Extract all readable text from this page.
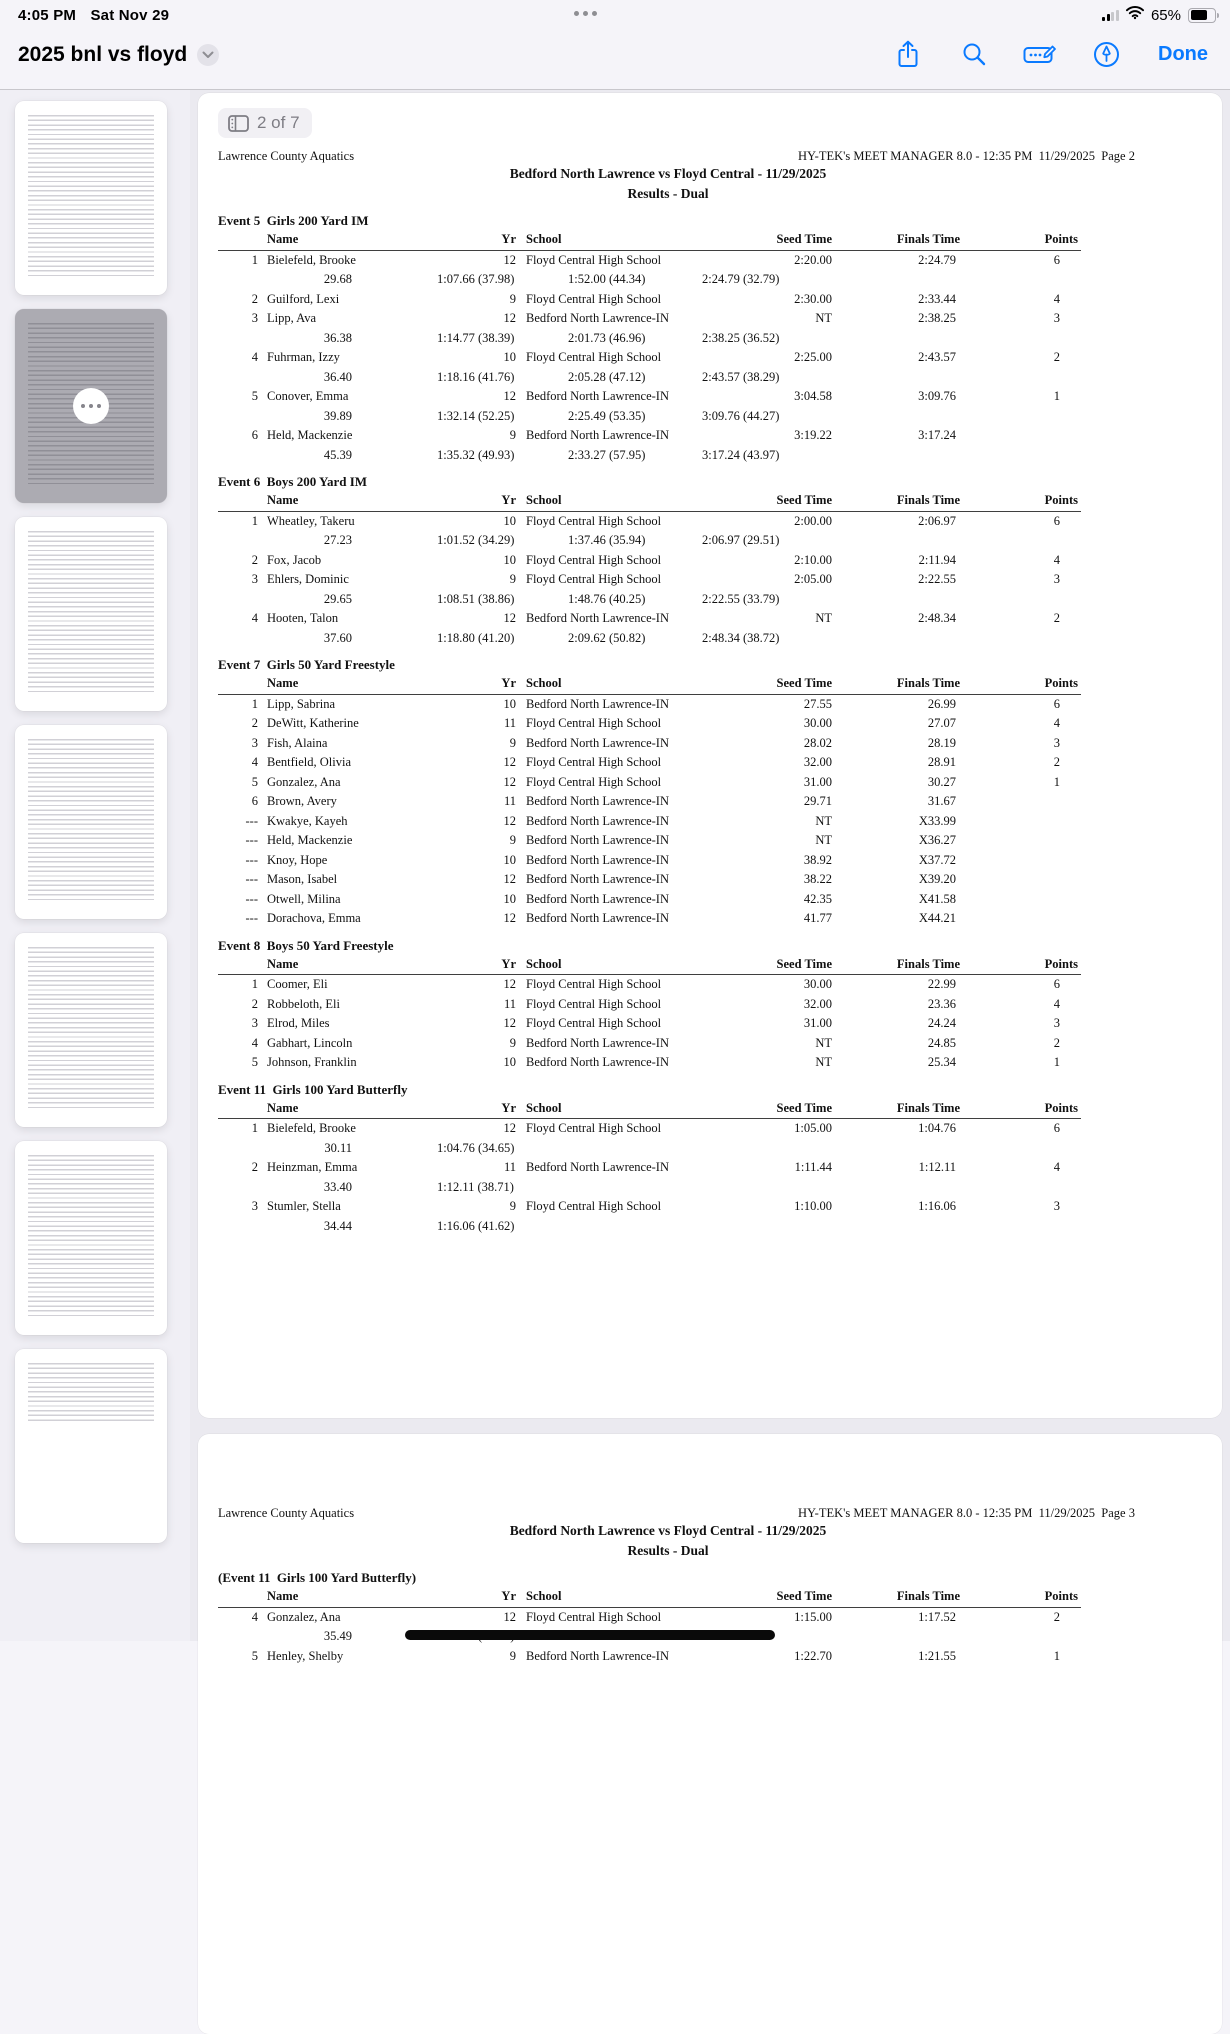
4:05 PM Sat Nov 29	65%
2025 bnl vs floyd	Done
2 of 7
Lawrence County Aquatics	HY-TEK's MEET MANAGER 8.0 - 12:35 PM  11/29/2025  Page 2
Bedford North Lawrence vs Floyd Central - 11/29/2025
Results - Dual
Event 5  Girls 200 Yard IM
Name	Yr School	Seed Time	Finals Time	Points
1 Bielefeld, Brooke	12 Floyd Central High School	2:20.00	2:24.79	6
29.68	1:07.66 (37.98)	1:52.00 (44.34)	2:24.79 (32.79)
2 Guilford, Lexi	9 Floyd Central High School	2:30.00	2:33.44	4
3 Lipp, Ava	12 Bedford North Lawrence-IN	NT	2:38.25	3
36.38	1:14.77 (38.39)	2:01.73 (46.96)	2:38.25 (36.52)
4 Fuhrman, Izzy	10 Floyd Central High School	2:25.00	2:43.57	2
36.40	1:18.16 (41.76)	2:05.28 (47.12)	2:43.57 (38.29)
5 Conover, Emma	12 Bedford North Lawrence-IN	3:04.58	3:09.76	1
39.89	1:32.14 (52.25)	2:25.49 (53.35)	3:09.76 (44.27)
6 Held, Mackenzie	9 Bedford North Lawrence-IN	3:19.22	3:17.24
45.39	1:35.32 (49.93)	2:33.27 (57.95)	3:17.24 (43.97)
Event 6  Boys 200 Yard IM
Name	Yr School	Seed Time	Finals Time	Points
1 Wheatley, Takeru	10 Floyd Central High School	2:00.00	2:06.97	6
27.23	1:01.52 (34.29)	1:37.46 (35.94)	2:06.97 (29.51)
2 Fox, Jacob	10 Floyd Central High School	2:10.00	2:11.94	4
3 Ehlers, Dominic	9 Floyd Central High School	2:05.00	2:22.55	3
29.65	1:08.51 (38.86)	1:48.76 (40.25)	2:22.55 (33.79)
4 Hooten, Talon	12 Bedford North Lawrence-IN	NT	2:48.34	2
37.60	1:18.80 (41.20)	2:09.62 (50.82)	2:48.34 (38.72)
Event 7  Girls 50 Yard Freestyle
Name	Yr School	Seed Time	Finals Time	Points
1 Lipp, Sabrina	10 Bedford North Lawrence-IN	27.55	26.99	6
2 DeWitt, Katherine	11 Floyd Central High School	30.00	27.07	4
3 Fish, Alaina	9 Bedford North Lawrence-IN	28.02	28.19	3
4 Bentfield, Olivia	12 Floyd Central High School	32.00	28.91	2
5 Gonzalez, Ana	12 Floyd Central High School	31.00	30.27	1
6 Brown, Avery	11 Bedford North Lawrence-IN	29.71	31.67
--- Kwakye, Kayeh	12 Bedford North Lawrence-IN	NT	X33.99
--- Held, Mackenzie	9 Bedford North Lawrence-IN	NT	X36.27
--- Knoy, Hope	10 Bedford North Lawrence-IN	38.92	X37.72
--- Mason, Isabel	12 Bedford North Lawrence-IN	38.22	X39.20
--- Otwell, Milina	10 Bedford North Lawrence-IN	42.35	X41.58
--- Dorachova, Emma	12 Bedford North Lawrence-IN	41.77	X44.21
Event 8  Boys 50 Yard Freestyle
Name	Yr School	Seed Time	Finals Time	Points
1 Coomer, Eli	12 Floyd Central High School	30.00	22.99	6
2 Robbeloth, Eli	11 Floyd Central High School	32.00	23.36	4
3 Elrod, Miles	12 Floyd Central High School	31.00	24.24	3
4 Gabhart, Lincoln	9 Bedford North Lawrence-IN	NT	24.85	2
5 Johnson, Franklin	10 Bedford North Lawrence-IN	NT	25.34	1
Event 11  Girls 100 Yard Butterfly
Name	Yr School	Seed Time	Finals Time	Points
1 Bielefeld, Brooke	12 Floyd Central High School	1:05.00	1:04.76	6
30.11	1:04.76 (34.65)
2 Heinzman, Emma	11 Bedford North Lawrence-IN	1:11.44	1:12.11	4
33.40	1:12.11 (38.71)
3 Stumler, Stella	9 Floyd Central High School	1:10.00	1:16.06	3
34.44	1:16.06 (41.62)
Lawrence County Aquatics	HY-TEK's MEET MANAGER 8.0 - 12:35 PM  11/29/2025  Page 3
Bedford North Lawrence vs Floyd Central - 11/29/2025
Results - Dual
(Event 11  Girls 100 Yard Butterfly)
Name	Yr School	Seed Time	Finals Time	Points
4 Gonzalez, Ana	12 Floyd Central High School	1:15.00	1:17.52	2
35.49
5 Henley, Shelby	9 Bedford North Lawrence-IN	1:22.70	1:21.55	1
